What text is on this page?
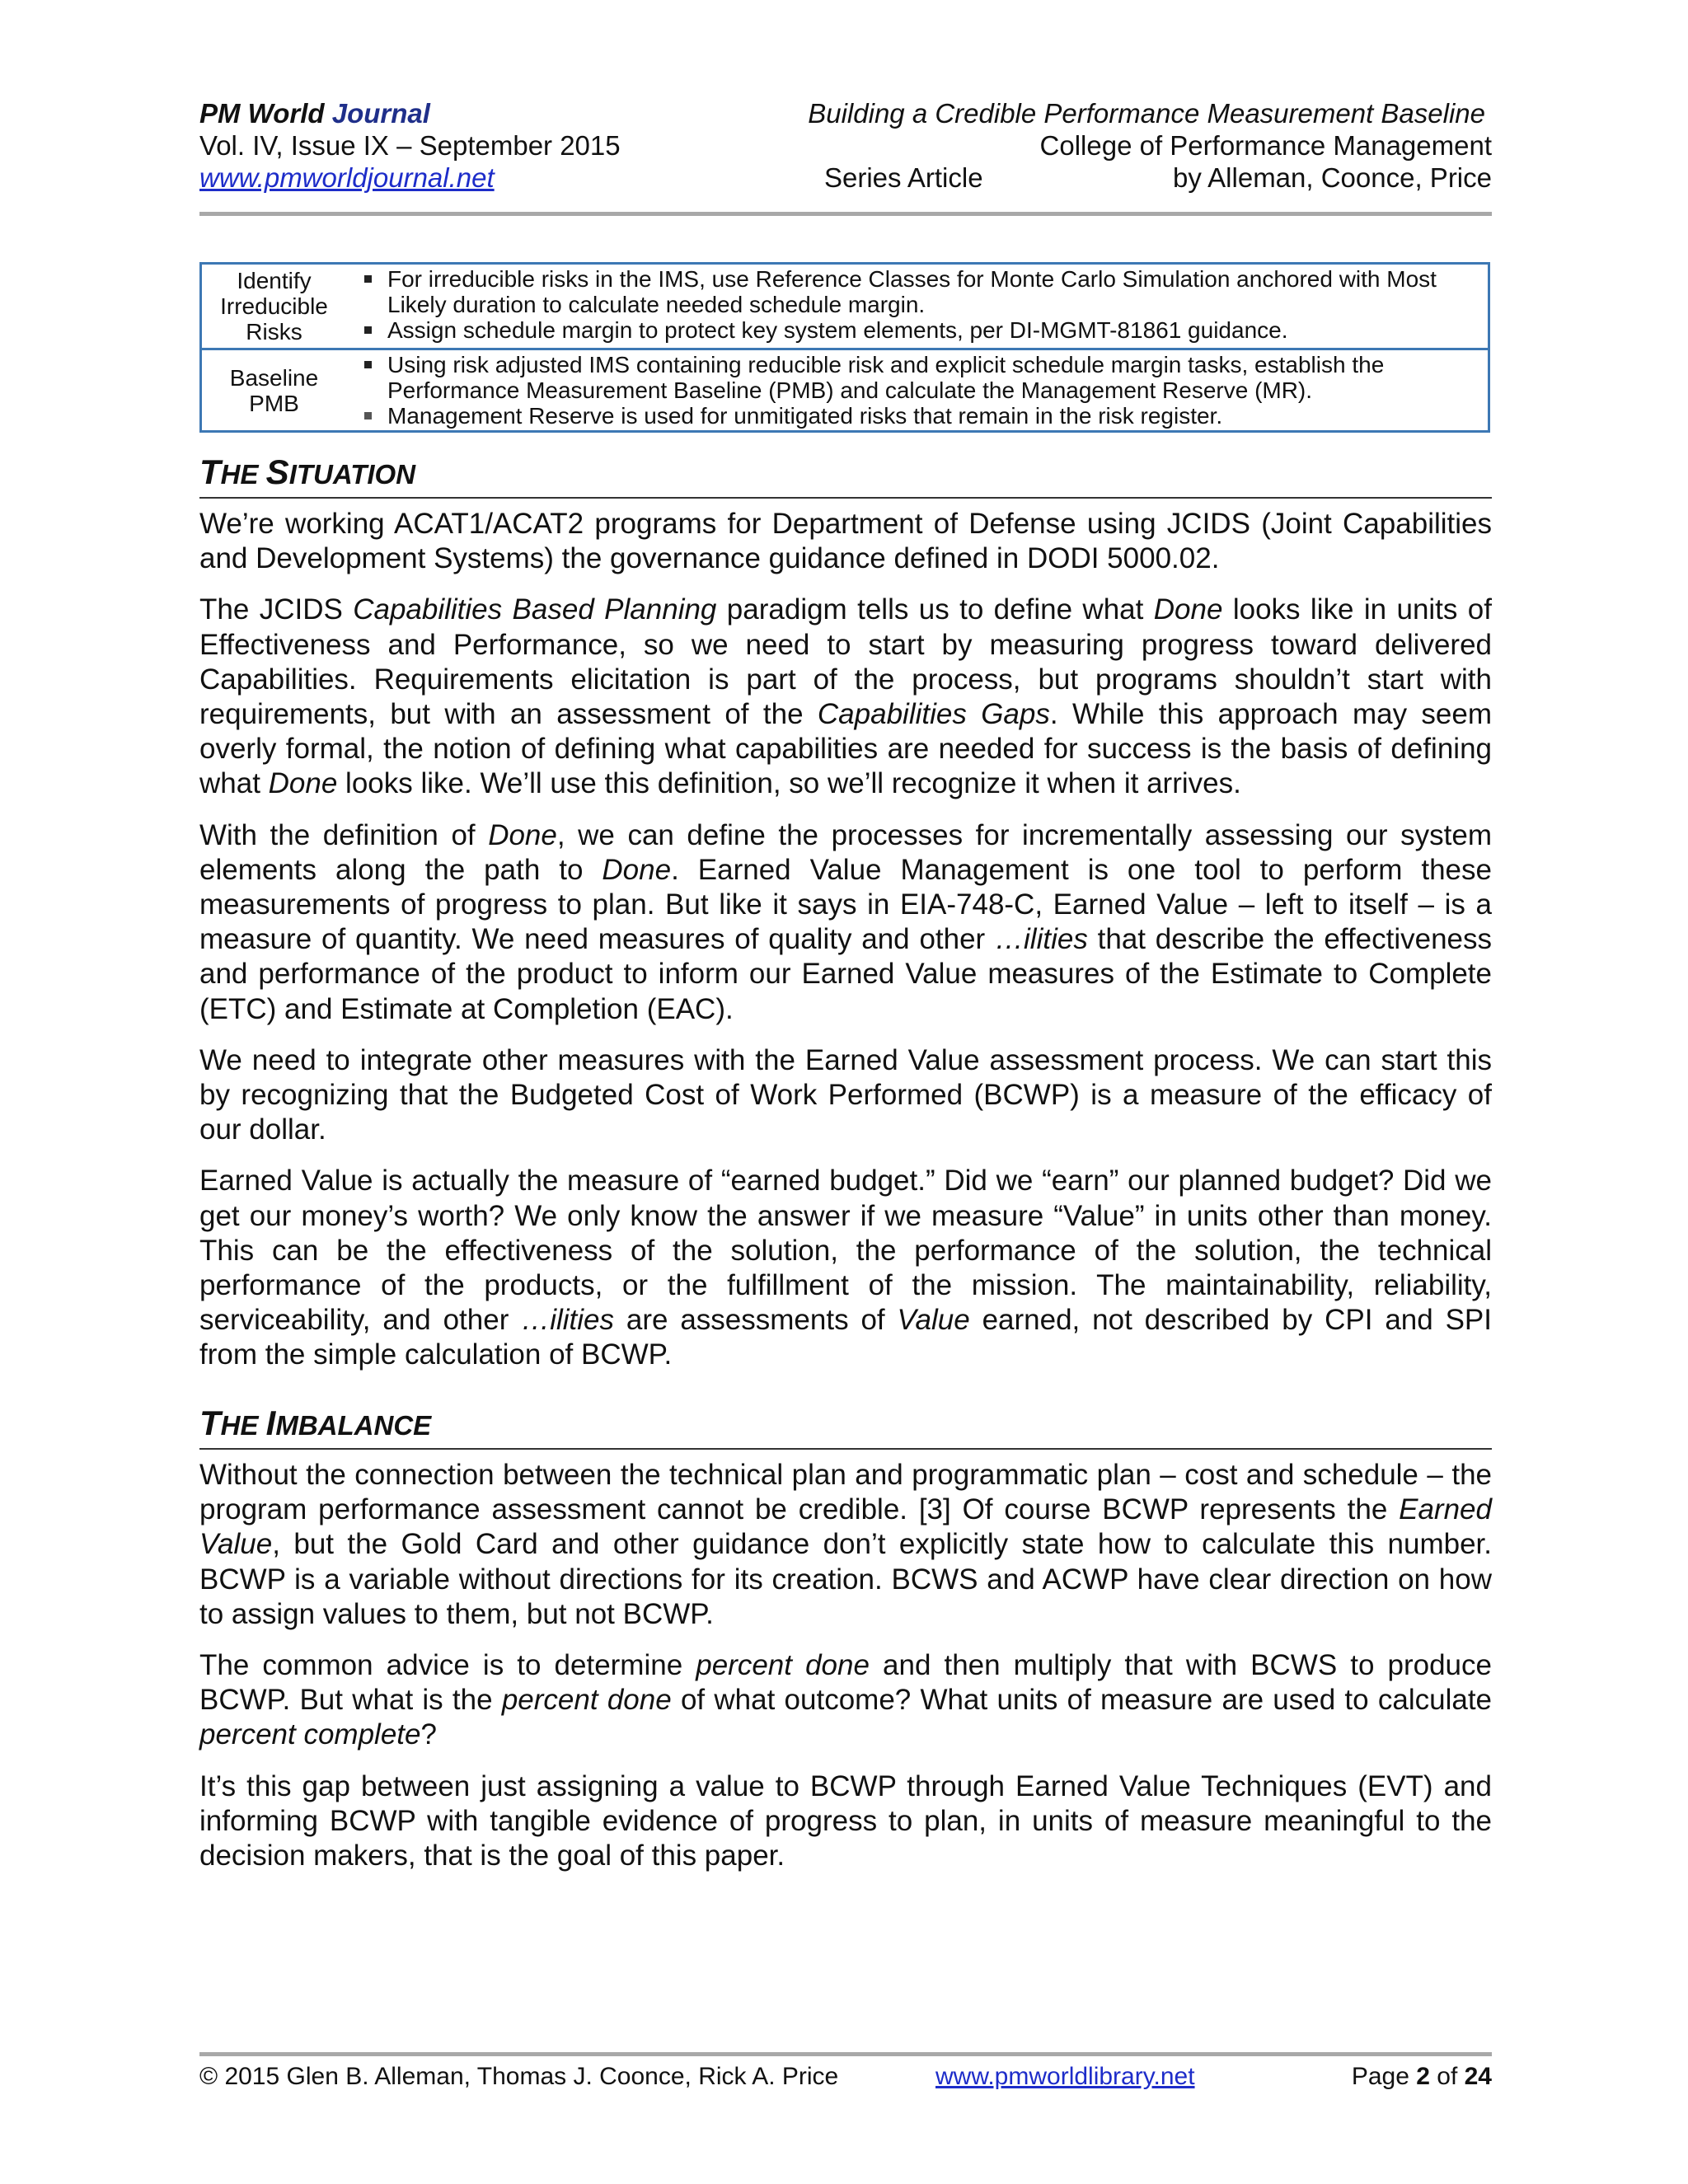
PM World Journal	Building a Credible Performance Measurement Baseline
Vol. IV, Issue IX – September 2015	College of Performance Management
www.pmworldjournal.net	Series Article	by Alleman, Coonce, Price
Identify Irreducible Risks
For irreducible risks in the IMS, use Reference Classes for Monte Carlo Simulation anchored with Most Likely duration to calculate needed schedule margin.
Assign schedule margin to protect key system elements, per DI-MGMT-81861 guidance.
Baseline PMB
Using risk adjusted IMS containing reducible risk and explicit schedule margin tasks, establish the Performance Measurement Baseline (PMB) and calculate the Management Reserve (MR).
Management Reserve is used for unmitigated risks that remain in the risk register.
THE SITUATION

We’re working ACAT1/ACAT2 programs for Department of Defense using JCIDS (Joint Capabilities and Development Systems) the governance guidance defined in DODI 5000.02.

The JCIDS Capabilities Based Planning paradigm tells us to define what Done looks like in units of Effectiveness and Performance, so we need to start by measuring progress toward delivered Capabilities. Requirements elicitation is part of the process, but programs shouldn’t start with requirements, but with an assessment of the Capabilities Gaps. While this approach may seem overly formal, the notion of defining what capabilities are needed for success is the basis of defining what Done looks like. We’ll use this definition, so we’ll recognize it when it arrives.

With the definition of Done, we can define the processes for incrementally assessing our system elements along the path to Done. Earned Value Management is one tool to perform these measurements of progress to plan. But like it says in EIA-748-C, Earned Value – left to itself – is a measure of quantity. We need measures of quality and other …ilities that describe the effectiveness and performance of the product to inform our Earned Value measures of the Estimate to Complete (ETC) and Estimate at Completion (EAC).

We need to integrate other measures with the Earned Value assessment process. We can start this by recognizing that the Budgeted Cost of Work Performed (BCWP) is a measure of the efficacy of our dollar.

Earned Value is actually the measure of “earned budget.” Did we “earn” our planned budget? Did we get our money’s worth? We only know the answer if we measure “Value” in units other than money. This can be the effectiveness of the solution, the performance of the solution, the technical performance of the products, or the fulfillment of the mission. The maintainability, reliability, serviceability, and other …ilities are assessments of Value earned, not described by CPI and SPI from the simple calculation of BCWP.

THE IMBALANCE

Without the connection between the technical plan and programmatic plan – cost and schedule – the program performance assessment cannot be credible. [3] Of course BCWP represents the Earned Value, but the Gold Card and other guidance don’t explicitly state how to calculate this number. BCWP is a variable without directions for its creation. BCWS and ACWP have clear direction on how to assign values to them, but not BCWP.

The common advice is to determine percent done and then multiply that with BCWS to produce BCWP. But what is the percent done of what outcome? What units of measure are used to calculate percent complete?

It’s this gap between just assigning a value to BCWP through Earned Value Techniques (EVT) and informing BCWP with tangible evidence of progress to plan, in units of measure meaningful to the decision makers, that is the goal of this paper.

© 2015 Glen B. Alleman, Thomas J. Coonce, Rick A. Price	www.pmworldlibrary.net	Page 2 of 24
